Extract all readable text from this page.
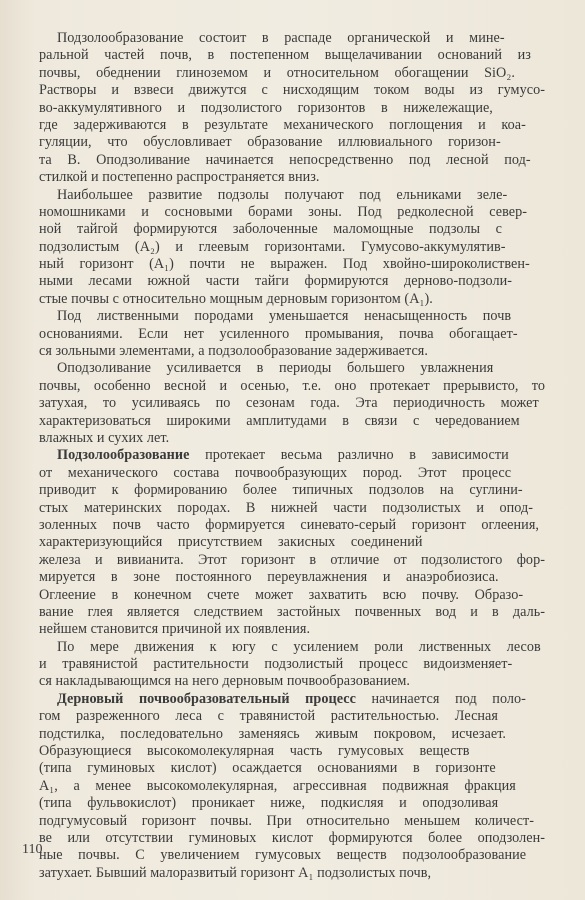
Подзолообразование состоит в распаде органической и мине-
ральной частей почв, в постепенном выщелачивании оснований из
почвы, обеднении глиноземом и относительном обогащении SiO₂.
Растворы и взвеси движутся с нисходящим током воды из гумусо-
во-аккумулятивного и подзолистого горизонтов в нижележащие,
где задерживаются в результате механического поглощения и коа-
гуляции, что обусловливает образование иллювиального горизон-
та B. Оподзоливание начинается непосредственно под лесной под-
стилкой и постепенно распространяется вниз.
Наибольшее развитие подзолы получают под ельниками зеле-
номошниками и сосновыми борами зоны. Под редколесной север-
ной тайгой формируются заболоченные маломощные подзолы с
подзолистым (A₂) и глеевым горизонтами. Гумусово-аккумулятив-
ный горизонт (A₁) почти не выражен. Под хвойно-широколиствен-
ными лесами южной части тайги формируются дерново-подзоли-
стые почвы с относительно мощным дерновым горизонтом (A₁).
Под лиственными породами уменьшается ненасыщенность почв
основаниями. Если нет усиленного промывания, почва обогащает-
ся зольными элементами, а подзолообразование задерживается.
Оподзоливание усиливается в периоды большего увлажнения
почвы, особенно весной и осенью, т.е. оно протекает прерывисто, то
затухая, то усиливаясь по сезонам года. Эта периодичность может
характеризоваться широкими амплитудами в связи с чередованием
влажных и сухих лет.
Подзолообразование протекает весьма различно в зависимости
от механического состава почвообразующих пород. Этот процесс
приводит к формированию более типичных подзолов на суглини-
стых материнских породах. В нижней части подзолистых и опод-
золенных почв часто формируется синевато-серый горизонт оглеения,
характеризующийся присутствием закисных соединений
железа и вивианита. Этот горизонт в отличие от подзолистого фор-
мируется в зоне постоянного переувлажнения и анаэробиозиса.
Оглеение в конечном счете может захватить всю почву. Образо-
вание глея является следствием застойных почвенных вод и в даль-
нейшем становится причиной их появления.
По мере движения к югу с усилением роли лиственных лесов
и травянистой растительности подзолистый процесс видоизменяет-
ся накладывающимся на него дерновым почвообразованием.
Дерновый почвообразовательный процесс начинается под поло-
гом разреженного леса с травянистой растительностью. Лесная
подстилка, последовательно заменяясь живым покровом, исчезает.
Образующиеся высокомолекулярная часть гумусовых веществ
(типа гуминовых кислот) осаждается основаниями в горизонте
A₁, а менее высокомолекулярная, агрессивная подвижная фракция
(типа фульвокислот) проникает ниже, подкисляя и оподзоливая
подгумусовый горизонт почвы. При относительно меньшем количест-
ве или отсутствии гуминовых кислот формируются более оподзолен-
ные почвы. С увеличением гумусовых веществ подзолообразование
затухает. Бывший малоразвитый горизонт A₁ подзолистых почв,
110
